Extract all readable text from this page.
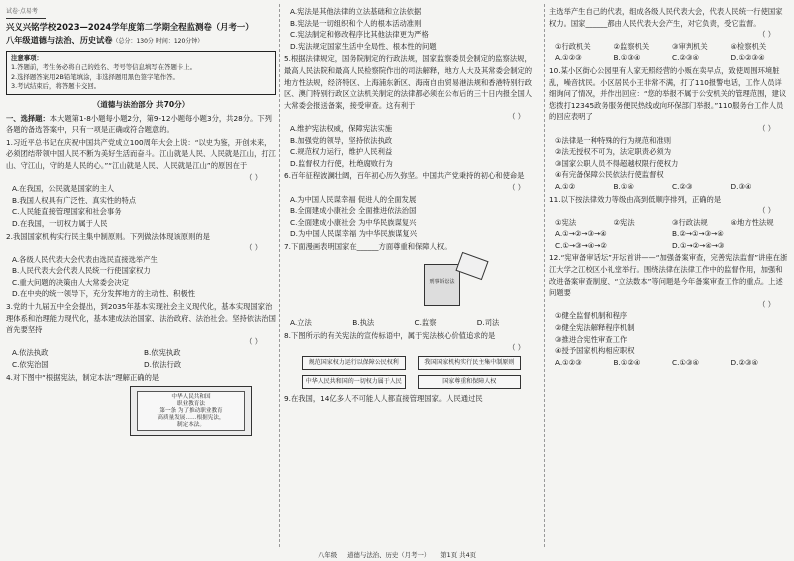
试卷·点易考
兴义兴铭学校2023—2024学年度第二学期全程监测卷（月考一）
八年级道德与法治、历史试卷（总分：130分 时间：120分钟）
注意事项：
1.答题前，考生务必将自己的姓名、考号等信息填写在答题卡上。
2.选择题答案用2B铅笔填涂，非选择题用黑色签字笔作答。
3.考试结束后，将答题卡交回。
（道德与法治部分 共70分）

一、选择题：本大题第1-8小题每小题2分，第9-12小题每小题3分，共28分。下列各题的备选答案中，只有一项是正确或符合题意的。

1.习近平总书记在庆祝中国共产党成立100周年大会上说：“以史为鉴，开创未来，必须团结带领中国人民不断为美好生活而奋斗。江山就是人民、人民就是江山，打江山、守江山，守的是人民的心。”“江山就是人民、人民就是江山”的原因在于

（ ）

A.在我国，公民就是国家的主人

B.我国人权具有广泛性、真实性的特点

C.人民能直接管理国家和社会事务

D.在我国，一切权力属于人民

2.我国国家机构实行民主集中制原则。下列做法体现该原则的是

（ ）

A.各级人民代表大会代表由选民直接选举产生

B.人民代表大会代表人民统一行使国家权力

C.重大问题的决策由人大常委会决定

D.在中央的统一领导下，充分发挥地方的主动性、积极性

3.党的十九届五中全会提出，到2035年基本实现社会主义现代化，基本实现国家治理体系和治理能力现代化，基本建成法治国家、法治政府、法治社会。坚持依法治国首先要坚持

（ ）
A.依法执政	B.依宪执政
C.依宪治国	D.依法行政

4.对下图中“根据宪法，制定本法”理解正确的是

中华人民共和国
职业教育法
第一条 为了推动职业教育
高质量发展……根据宪法，
制定本法。

A.宪法是其他法律的立法基础和立法依据

B.宪法是一切组织和个人的根本活动准则

C.宪法制定和修改程序比其他法律更为严格

D.宪法规定国家生活中全局性、根本性的问题

5.根据法律规定，国务院制定的行政法规，国家监察委员会制定的监察法规，最高人民法院和最高人民检察院作出的司法解释，地方人大及其常委会制定的地方性法规，经济特区、上海浦东新区、海南自由贸易港法规和香港特别行政区、澳门特别行政区立法机关制定的法律都必须在公布后的三十日内报全国人大常委会报送备案，接受审查。这有利于

（ ）

A.维护宪法权威，保障宪法实施

B.加强党的领导，坚持依法执政

C.规范权力运行，维护人民利益

D.监督权力行使，杜绝腐败行为

6.百年征程波澜壮阔，百年初心历久弥坚。中国共产党秉持的初心和使命是

（ ）

A.为中国人民谋幸福 促进人的全面发展

B.全面建成小康社会 全面推进依法治国

C.全面建成小康社会 为中华民族谋复兴

D.为中国人民谋幸福 为中华民族谋复兴

7.下面漫画表明国家在______方面尊重和保障人权。

刑事诉讼法
A.立法	B.执法	C.监察	D.司法

8.下图所示的有关宪法的宣传标语中，属于宪法核心价值追求的是

（ ）
规范国家权力运行以保障公民权利	我国国家机构实行民主集中制原则
中华人民共和国的一切权力属于人民	国家尊重和保障人权

9.在我国，14亿多人不可能人人都直接管理国家。人民通过民

主选举产生自己的代表，组成各级人民代表大会，代表人民统一行使国家权力。国家______都由人民代表大会产生，对它负责，受它监督。

（ ）
①行政机关	②监察机关	③审判机关	④检察机关
A.①②③	B.①③④	C.②③④	D.①②③④

10.某小区街心公园里有人家无照经营的小贩在卖早点，致使周围环境脏乱，噪音扰民。小区居民小王非常不满，打了110报警电话，工作人员详细询问了情况，并作出回应：“您的举报不属于公安机关的管理范围，建议您拨打12345政务服务便民热线或向环保部门举报。”110服务台工作人员的回应表明了

（ ）

①法律是一种特殊的行为规范和准则

②法无授权不可为，法定职责必须为

③国家公职人员不得超越权限行使权力

④有完备保障公民依法行使监督权

A.①②	B.①④	C.②③	D.③④

11.以下按法律效力等级由高到低顺序排列，正确的是

（ ）
①宪法	②宪法	③行政法规	④地方性法规
A.①→②→③→④	B.②→①→③→④
C.①→③→④→②	D.①→②→④→③

12.“宪审备审话坛”开坛首讲——“加强备案审查，完善宪法监督”讲座在浙江大学之江校区小礼堂举行。围绕法律在法律工作中的监督作用，加强和改进备案审查制度、“立法数本”等问题是今年备案审查工作的重点。上述问题要

（ ）

①健全监督机制和程序

②健全宪法解释程序机制

③推进合宪性审查工作

④授予国家机构相应职权

A.①②③	B.①②④	C.①③④	D.②③④
八年级 道德与法治、历史（月考一） 第1页 共4页
